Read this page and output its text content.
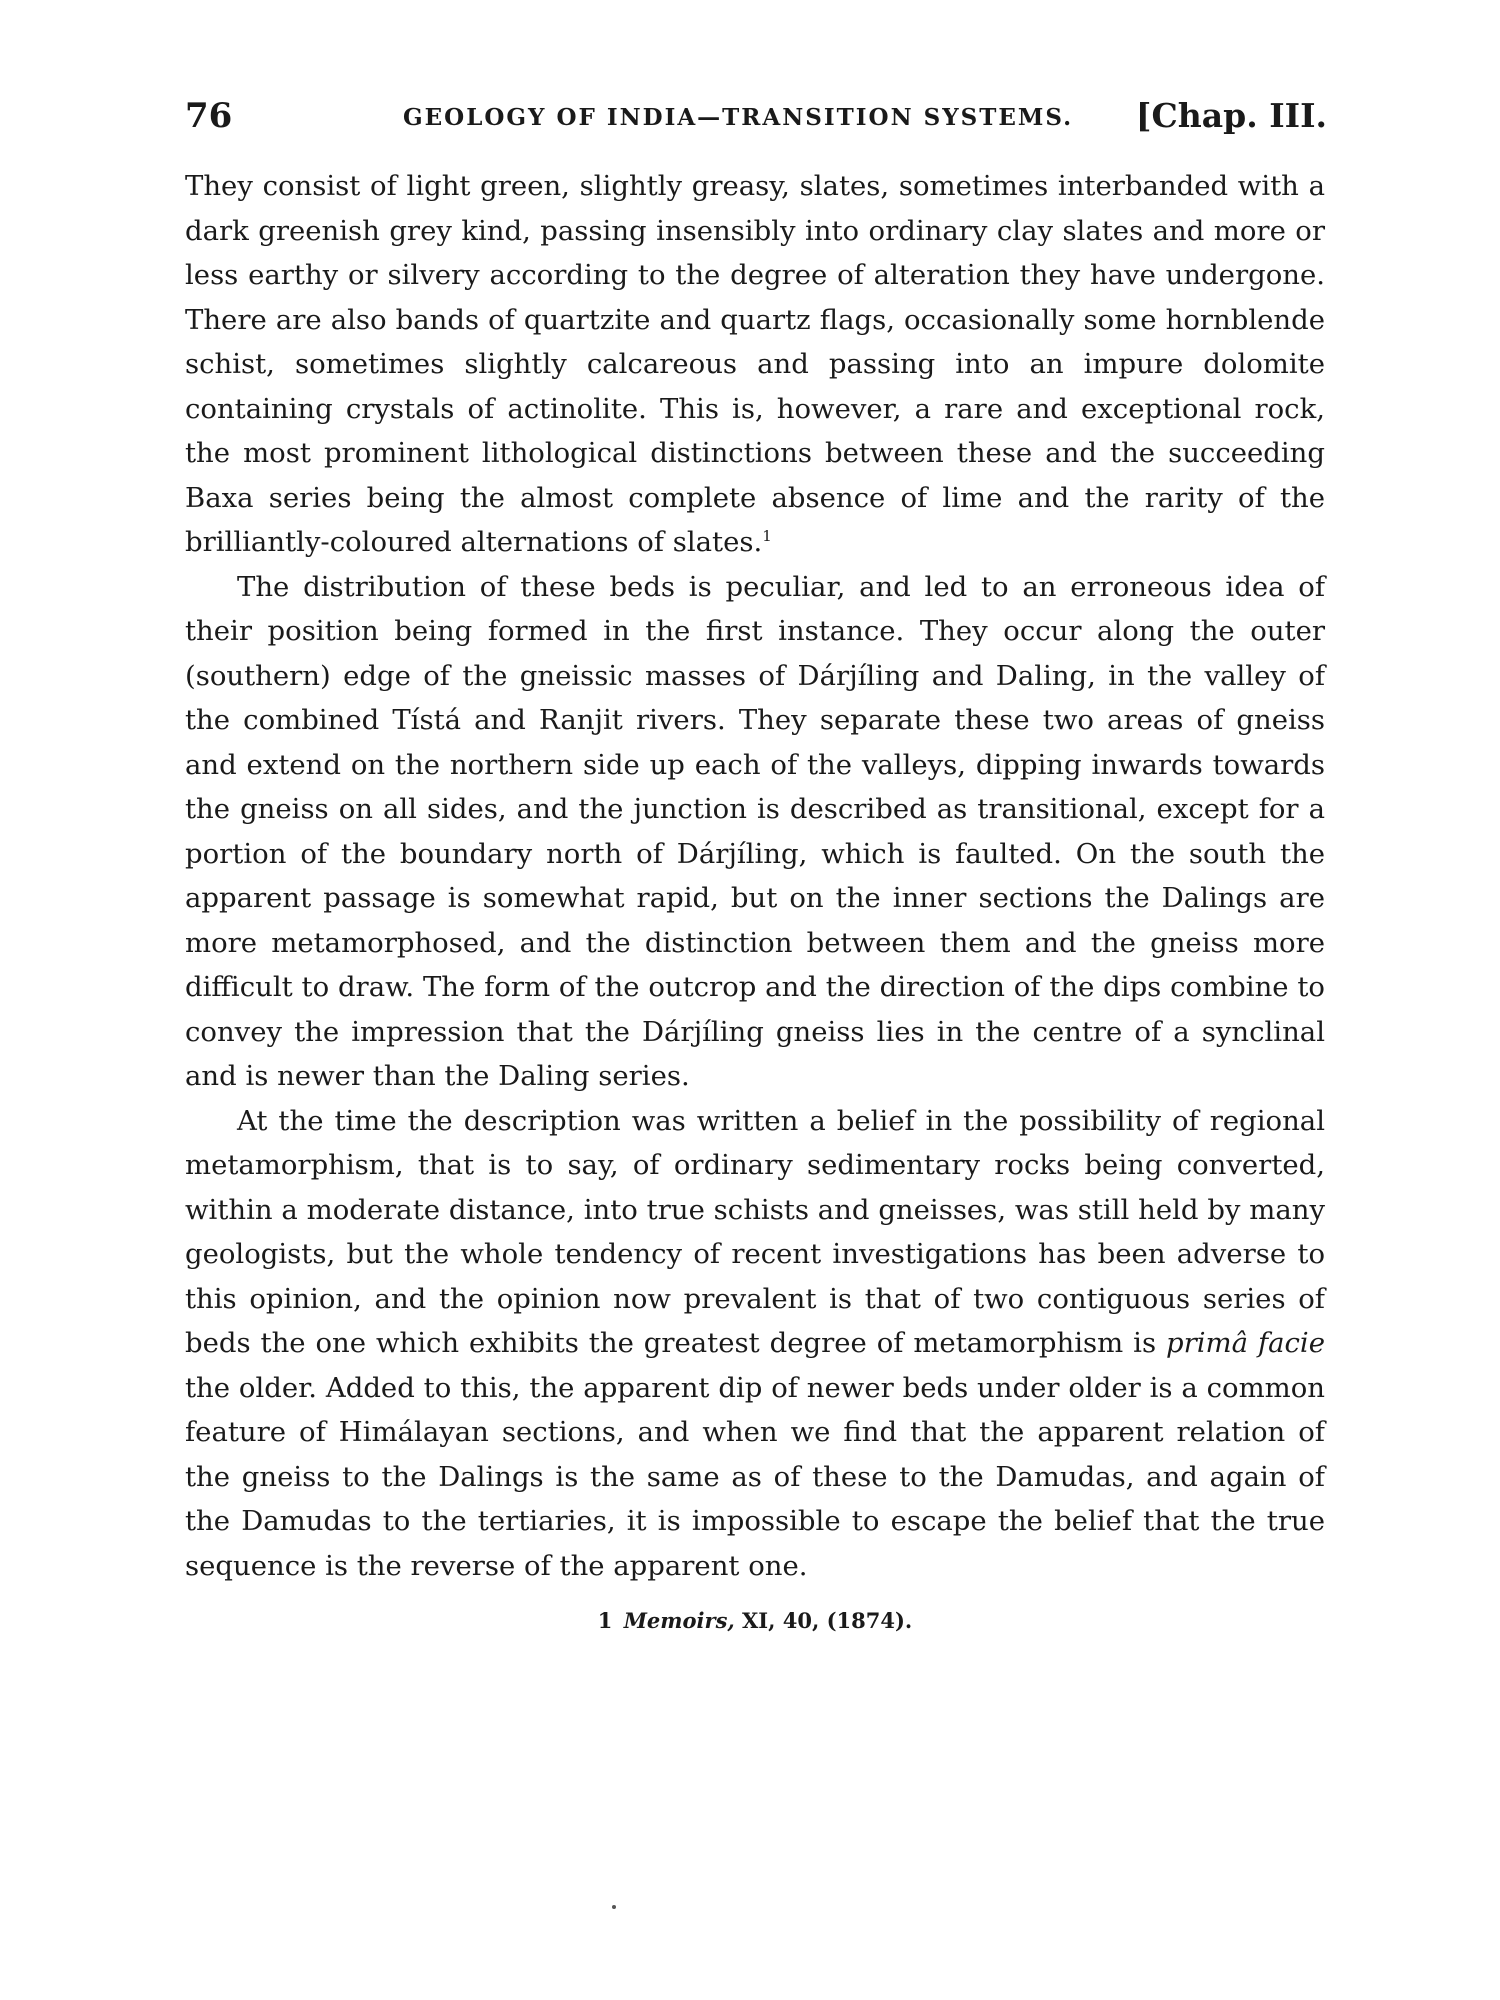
76	GEOLOGY OF INDIA—TRANSITION SYSTEMS. [Chap. III.

They consist of light green, slightly greasy, slates, sometimes interbanded with a dark greenish grey kind, passing insensibly into ordinary clay slates and more or less earthy or silvery according to the degree of alteration they have undergone. There are also bands of quartzite and quartz flags, occasionally some hornblende schist, sometimes slightly calcareous and passing into an impure dolomite containing crystals of actinolite. This is, however, a rare and exceptional rock, the most prominent lithological distinctions between these and the succeeding Baxa series being the almost complete absence of lime and the rarity of the brilliantly-coloured alternations of slates.$^1$

The distribution of these beds is peculiar, and led to an erroneous idea of their position being formed in the first instance. They occur along the outer (southern) edge of the gneissic masses of Dárjíling and Daling, in the valley of the combined Tístá and Ranjit rivers. They separate these two areas of gneiss and extend on the northern side up each of the valleys, dipping inwards towards the gneiss on all sides, and the junction is described as transitional, except for a portion of the boundary north of Dárjíling, which is faulted. On the south the apparent passage is somewhat rapid, but on the inner sections the Dalings are more metamorphosed, and the distinction between them and the gneiss more difficult to draw. The form of the outcrop and the direction of the dips combine to convey the impression that the Dárjíling gneiss lies in the centre of a synclinal and is newer than the Daling series.

At the time the description was written a belief in the possibility of regional metamorphism, that is to say, of ordinary sedimentary rocks being converted, within a moderate distance, into true schists and gneisses, was still held by many geologists, but the whole tendency of recent investigations has been adverse to this opinion, and the opinion now prevalent is that of two contiguous series of beds the one which exhibits the greatest degree of metamorphism is primâ facie the older. Added to this, the apparent dip of newer beds under older is a common feature of Himálayan sections, and when we find that the apparent relation of the gneiss to the Dalings is the same as of these to the Damudas, and again of the Damudas to the tertiaries, it is impossible to escape the belief that the true sequence is the reverse of the apparent one.

1 Memoirs, XI, 40, (1874).
